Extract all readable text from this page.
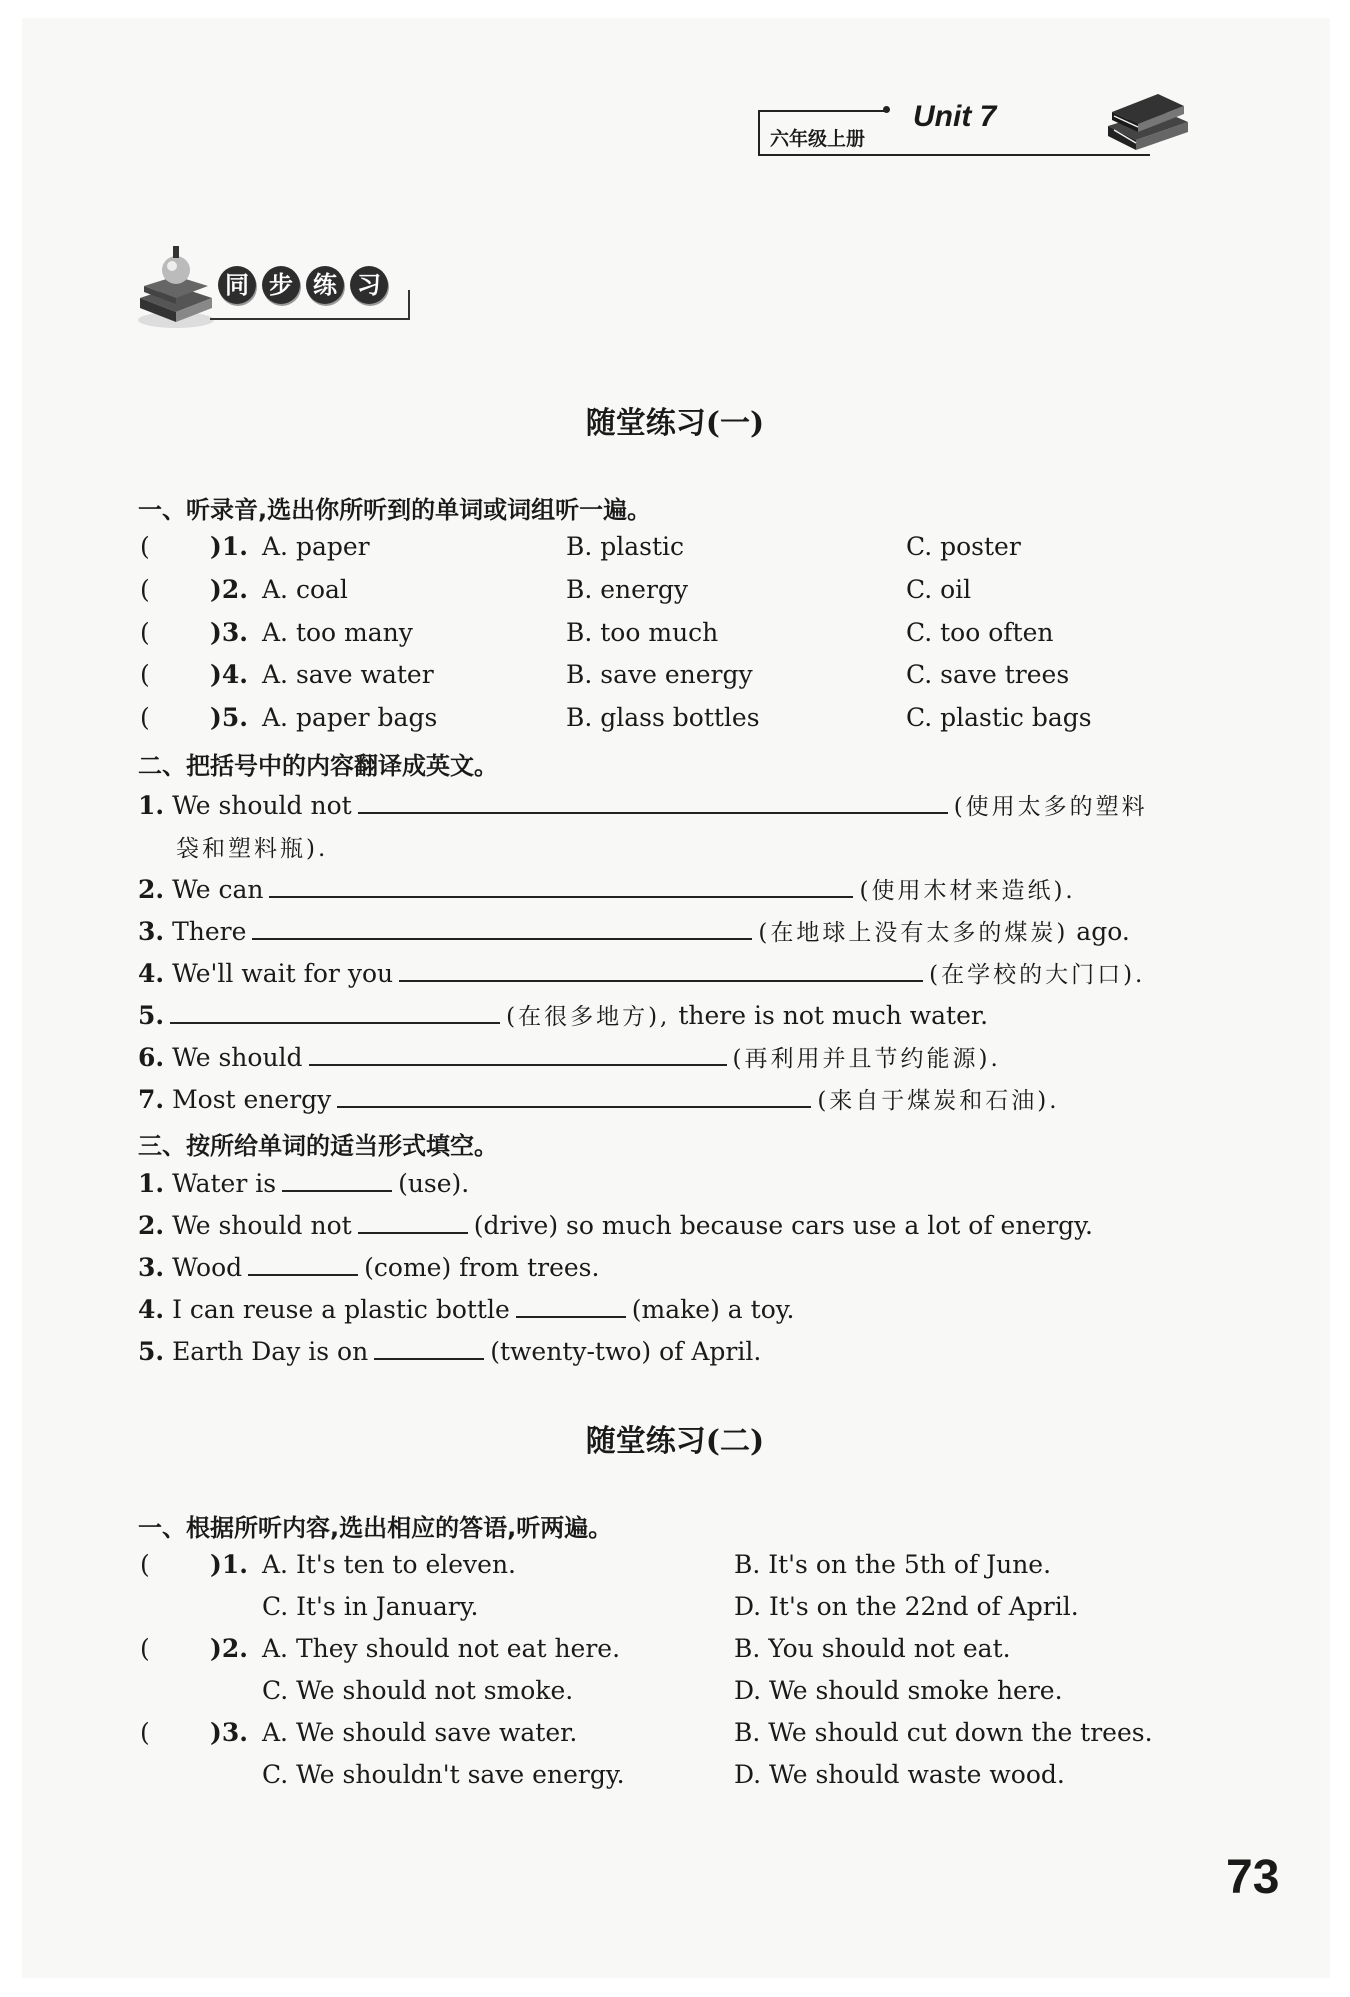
六年级上册
Unit 7
同 步 练 习
随堂练习(一)
一、听录音,选出你所听到的单词或词组听一遍。
( )1. A. paper	B. plastic	C. poster
( )2. A. coal	B. energy	C. oil
( )3. A. too many	B. too much	C. too often
( )4. A. save water	B. save energy	C. save trees
( )5. A. paper bags	B. glass bottles	C. plastic bags
二、把括号中的内容翻译成英文。
1. We should not	(使用太多的塑料
袋和塑料瓶).
2. We can	(使用木材来造纸).
3. There	(在地球上没有太多的煤炭) ago.
4. We'll wait for you	(在学校的大门口).
5.	(在很多地方), there is not much water.
6. We should	(再利用并且节约能源).
7. Most energy	(来自于煤炭和石油).
三、按所给单词的适当形式填空。
1. Water is	(use).
2. We should not	(drive) so much because cars use a lot of energy.
3. Wood	(come) from trees.
4. I can reuse a plastic bottle	(make) a toy.
5. Earth Day is on	(twenty-two) of April.
随堂练习(二)
一、根据所听内容,选出相应的答语,听两遍。
( )1. A. It's ten to eleven.	B. It's on the 5th of June.
C. It's in January.	D. It's on the 22nd of April.
( )2. A. They should not eat here.	B. You should not eat.
C. We should not smoke.	D. We should smoke here.
( )3. A. We should save water.	B. We should cut down the trees.
C. We shouldn't save energy.	D. We should waste wood.
73
